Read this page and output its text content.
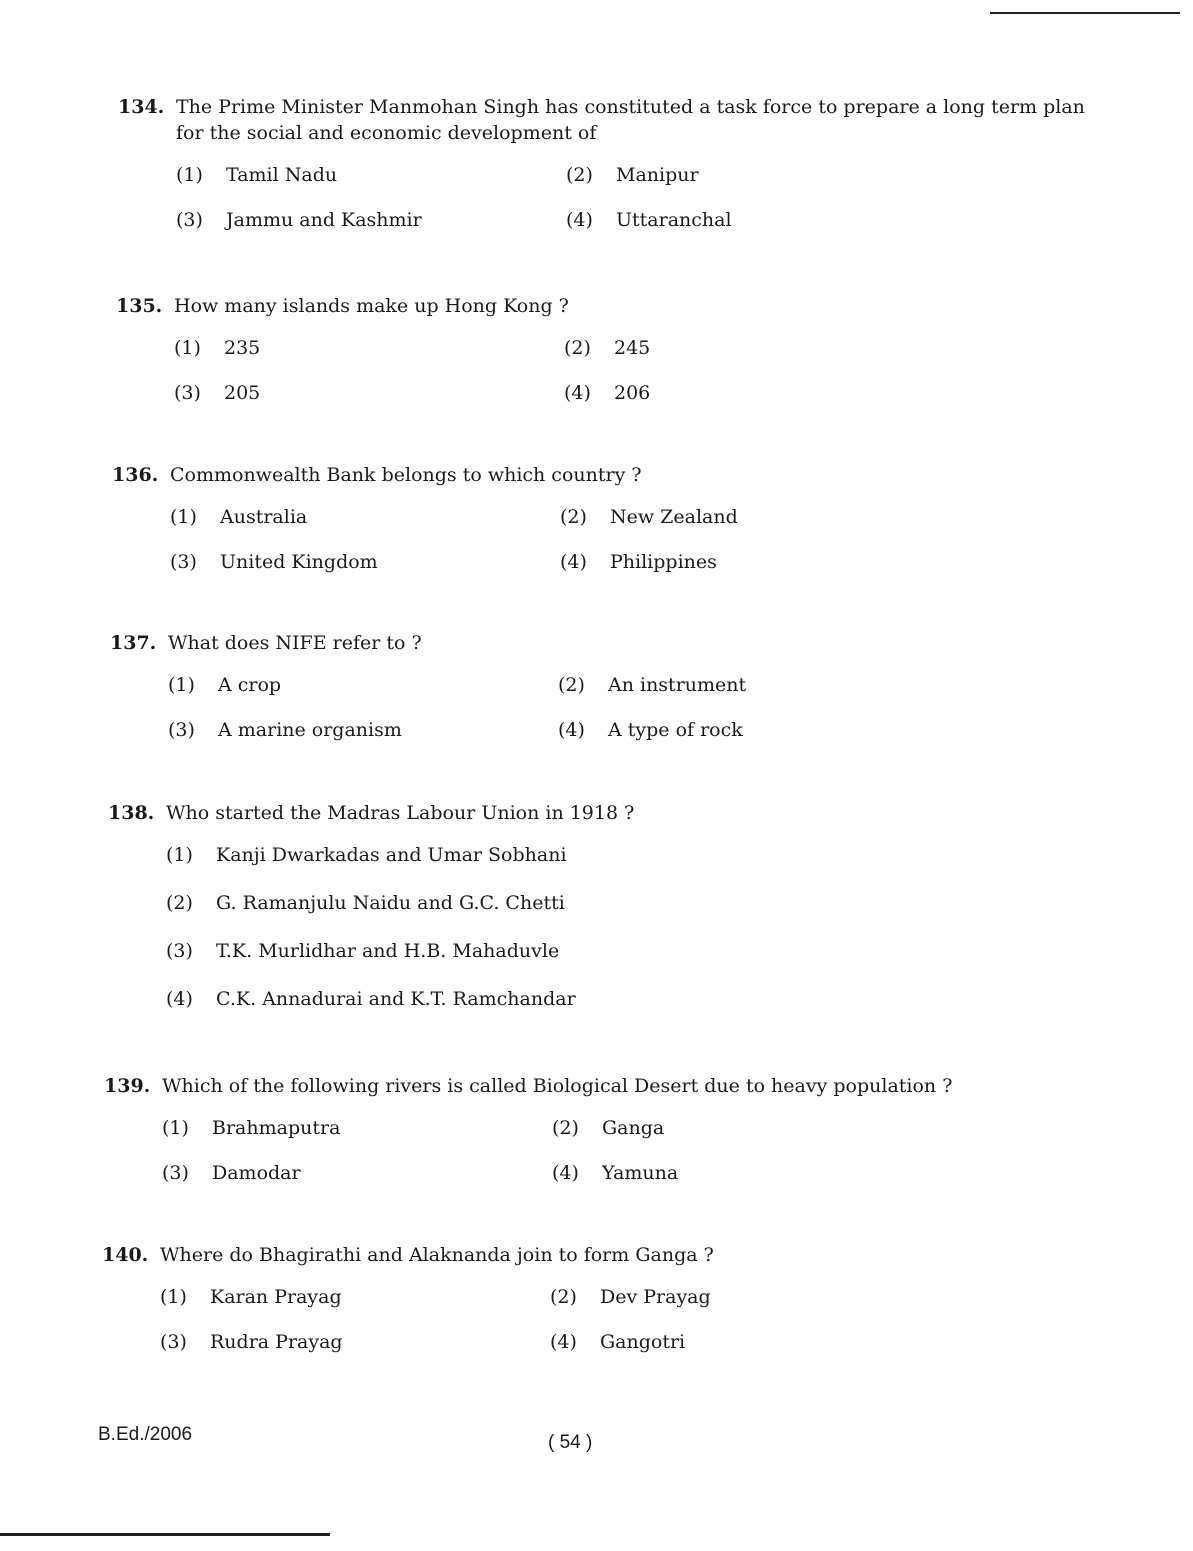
134. The Prime Minister Manmohan Singh has constituted a task force to prepare a long term plan for the social and economic development of
(1)	Tamil Nadu	(2)	Manipur
(3)	Jammu and Kashmir	(4)	Uttaranchal
135. How many islands make up Hong Kong ?
(1)	235	(2)	245
(3)	205	(4)	206
136. Commonwealth Bank belongs to which country ?
(1)	Australia	(2)	New Zealand
(3)	United Kingdom	(4)	Philippines
137. What does NIFE refer to ?
(1)	A crop	(2)	An instrument
(3)	A marine organism	(4)	A type of rock
138. Who started the Madras Labour Union in 1918 ?
(1)	Kanji Dwarkadas and Umar Sobhani
(2)	G. Ramanjulu Naidu and G.C. Chetti
(3)	T.K. Murlidhar and H.B. Mahaduvle
(4)	C.K. Annadurai and K.T. Ramchandar
139. Which of the following rivers is called Biological Desert due to heavy population ?
(1)	Brahmaputra	(2)	Ganga
(3)	Damodar	(4)	Yamuna
140. Where do Bhagirathi and Alaknanda join to form Ganga ?
(1)	Karan Prayag	(2)	Dev Prayag
(3)	Rudra Prayag	(4)	Gangotri
B.Ed./2006	( 54 )
